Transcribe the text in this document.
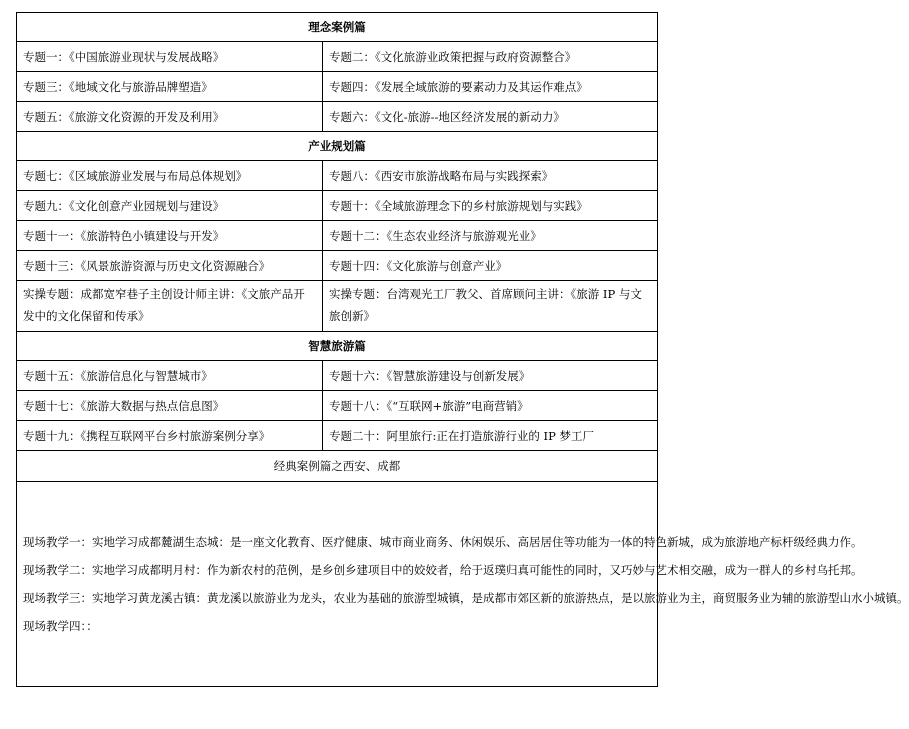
理念案例篇	
专题一：《中国旅游业现状与发展战略》	专题二：《文化旅游业政策把握与政府资源整合》
专题三：《地域文化与旅游品牌塑造》	专题四：《发展全域旅游的要素动力及其运作难点》
专题五：《旅游文化资源的开发及利用》	专题六：《文化-旅游--地区经济发展的新动力》
产业规划篇	
专题七：《区域旅游业发展与布局总体规划》	专题八：《西安市旅游战略布局与实践探索》
专题九：《文化创意产业园规划与建设》	专题十：《全域旅游理念下的乡村旅游规划与实践》
专题十一：《旅游特色小镇建设与开发》	专题十二：《生态农业经济与旅游观光业》
专题十三：《风景旅游资源与历史文化资源融合》	专题十四：《文化旅游与创意产业》
实操专题：成都宽窄巷子主创设计师主讲：《文旅产品开发中的文化保留和传承》	实操专题：台湾观光工厂教父、首席顾问主讲：《旅游 IP 与文旅创新》
智慧旅游篇	
专题十五：《旅游信息化与智慧城市》	专题十六：《智慧旅游建设与创新发展》
专题十七：《旅游大数据与热点信息图》	专题十八：《“互联网+旅游”电商营销》
专题十九：《携程互联网平台乡村旅游案例分享》	专题二十：阿里旅行:正在打造旅游行业的 IP 梦工厂
经典案例篇之西安、成都	

现场教学一：实地学习成都麓湖生态城：是一座文化教育、医疗健康、城市商业商务、休闲娱乐、高居居住等功能为一体的特色新城，成为旅游地产标杆级经典力作。

现场教学二：实地学习成都明月村：作为新农村的范例，是乡创乡建项目中的姣姣者，给于返璞归真可能性的同时，又巧妙与艺术相交融，成为一群人的乡村乌托邦。

现场教学三：实地学习黄龙溪古镇：黄龙溪以旅游业为龙头，农业为基础的旅游型城镇，是成都市郊区新的旅游热点，是以旅游业为主，商贸服务业为辅的旅游型山水小城镇。

现场教学四：：	
